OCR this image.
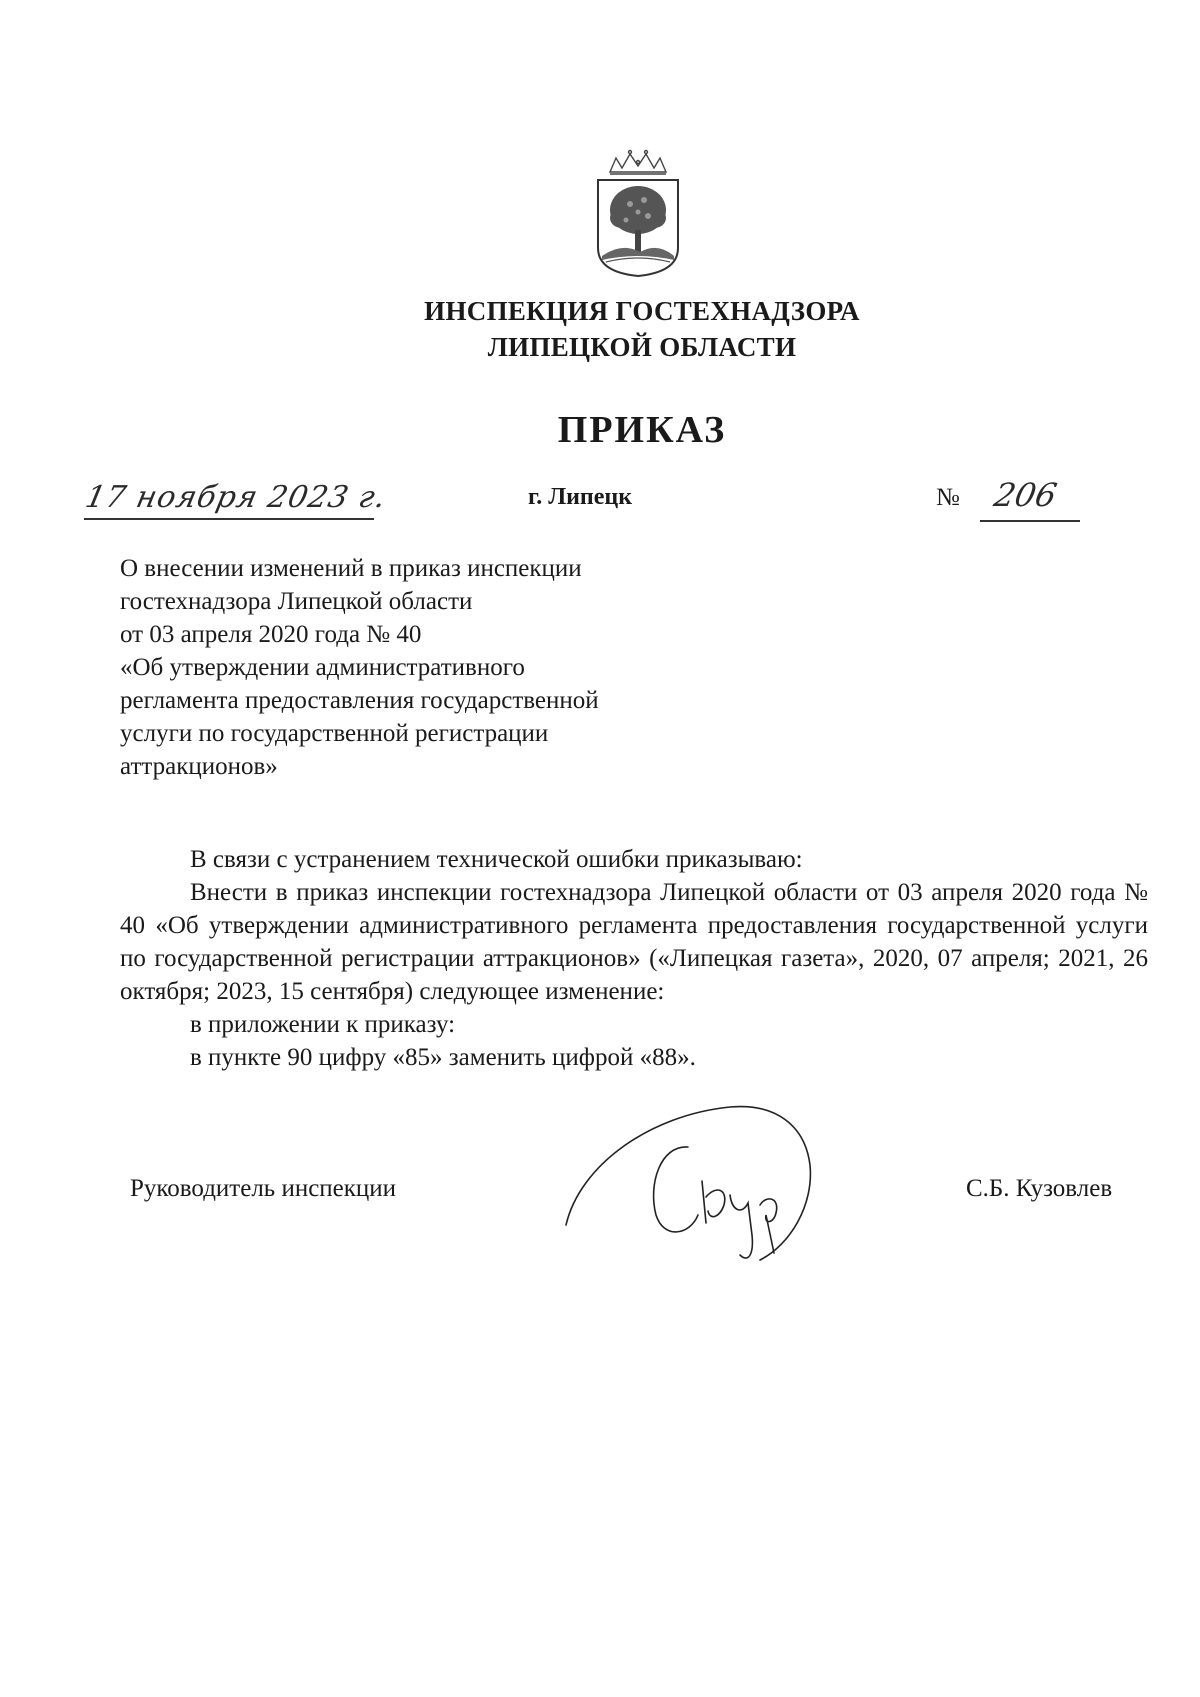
ИНСПЕКЦИЯ ГОСТЕХНАДЗОРА
ЛИПЕЦКОЙ ОБЛАСТИ
ПРИКАЗ
17 ноября 2023 г.	г. Липецк	№ 206
О внесении изменений в приказ инспекции
гостехнадзора Липецкой области
от 03 апреля 2020 года № 40
«Об утверждении административного
регламента предоставления государственной
услуги по государственной регистрации
аттракционов»

В связи с устранением технической ошибки приказываю:

Внести в приказ инспекции гостехнадзора Липецкой области от 03 апреля 2020 года № 40 «Об утверждении административного регламента предоставления государственной услуги по государственной регистрации аттракционов» («Липецкая газета», 2020, 07 апреля; 2021, 26 октября; 2023, 15 сентября) следующее изменение:

в приложении к приказу:

в пункте 90 цифру «85» заменить цифрой «88».

Руководитель инспекции	С.Б. Кузовлев
